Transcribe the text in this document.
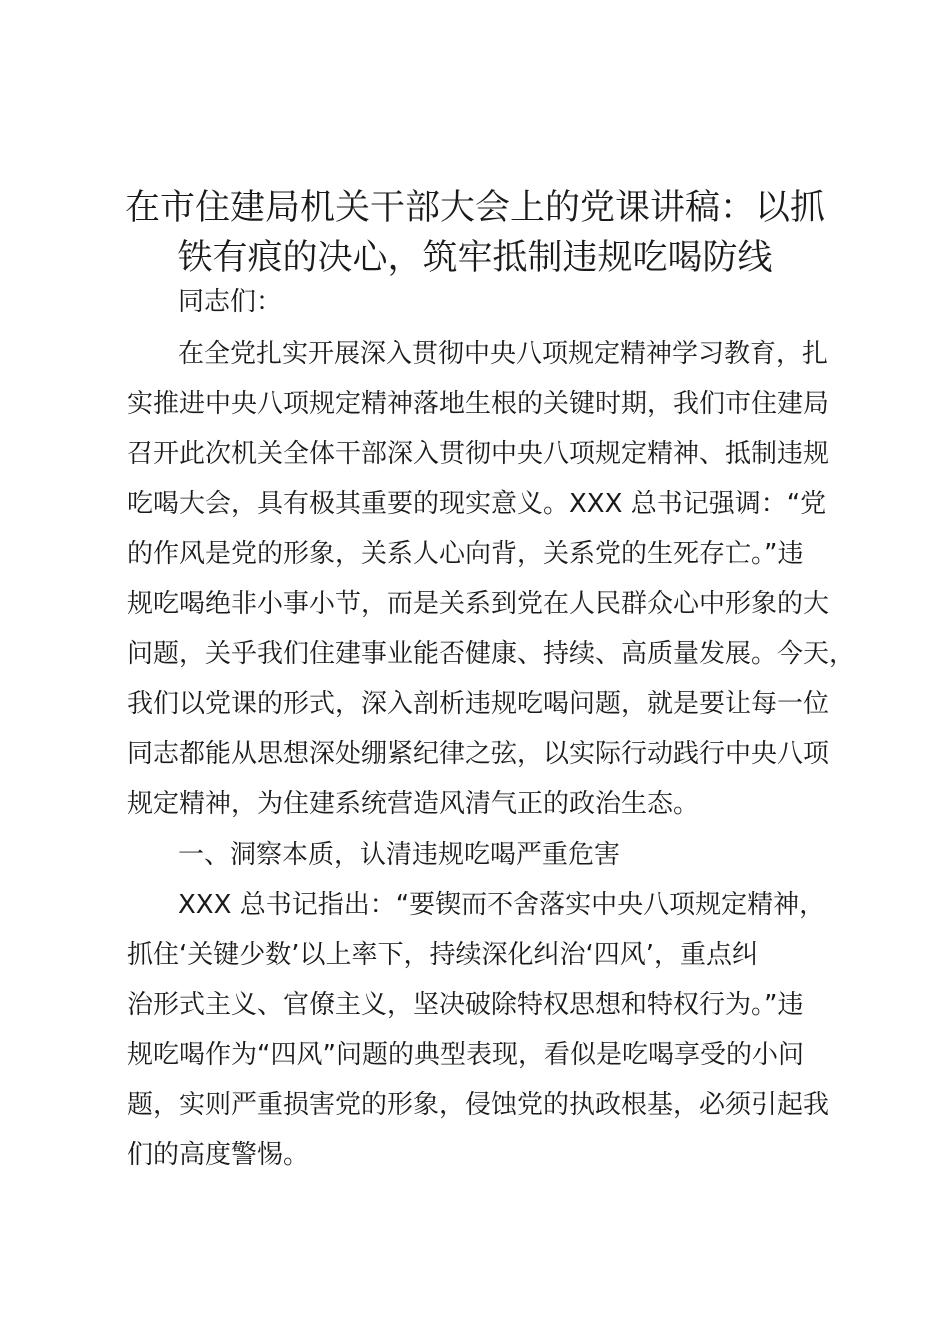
在市住建局机关干部大会上的党课讲稿：以抓
铁有痕的决心，筑牢抵制违规吃喝防线
同志们：
在全党扎实开展深入贯彻中央八项规定精神学习教育，扎
实推进中央八项规定精神落地生根的关键时期，我们市住建局
召开此次机关全体干部深入贯彻中央八项规定精神、抵制违规
吃喝大会，具有极其重要的现实意义。XXX 总书记强调：“党
的作风是党的形象，关系人心向背，关系党的生死存亡。”违
规吃喝绝非小事小节，而是关系到党在人民群众心中形象的大
问题，关乎我们住建事业能否健康、持续、高质量发展。今天，
我们以党课的形式，深入剖析违规吃喝问题，就是要让每一位
同志都能从思想深处绷紧纪律之弦，以实际行动践行中央八项
规定精神，为住建系统营造风清气正的政治生态。
一、洞察本质，认清违规吃喝严重危害
XXX 总书记指出：“要锲而不舍落实中央八项规定精神，
抓住‘关键少数’以上率下，持续深化纠治‘四风’，重点纠
治形式主义、官僚主义，坚决破除特权思想和特权行为。”违
规吃喝作为“四风”问题的典型表现，看似是吃喝享受的小问
题，实则严重损害党的形象，侵蚀党的执政根基，必须引起我
们的高度警惕。
